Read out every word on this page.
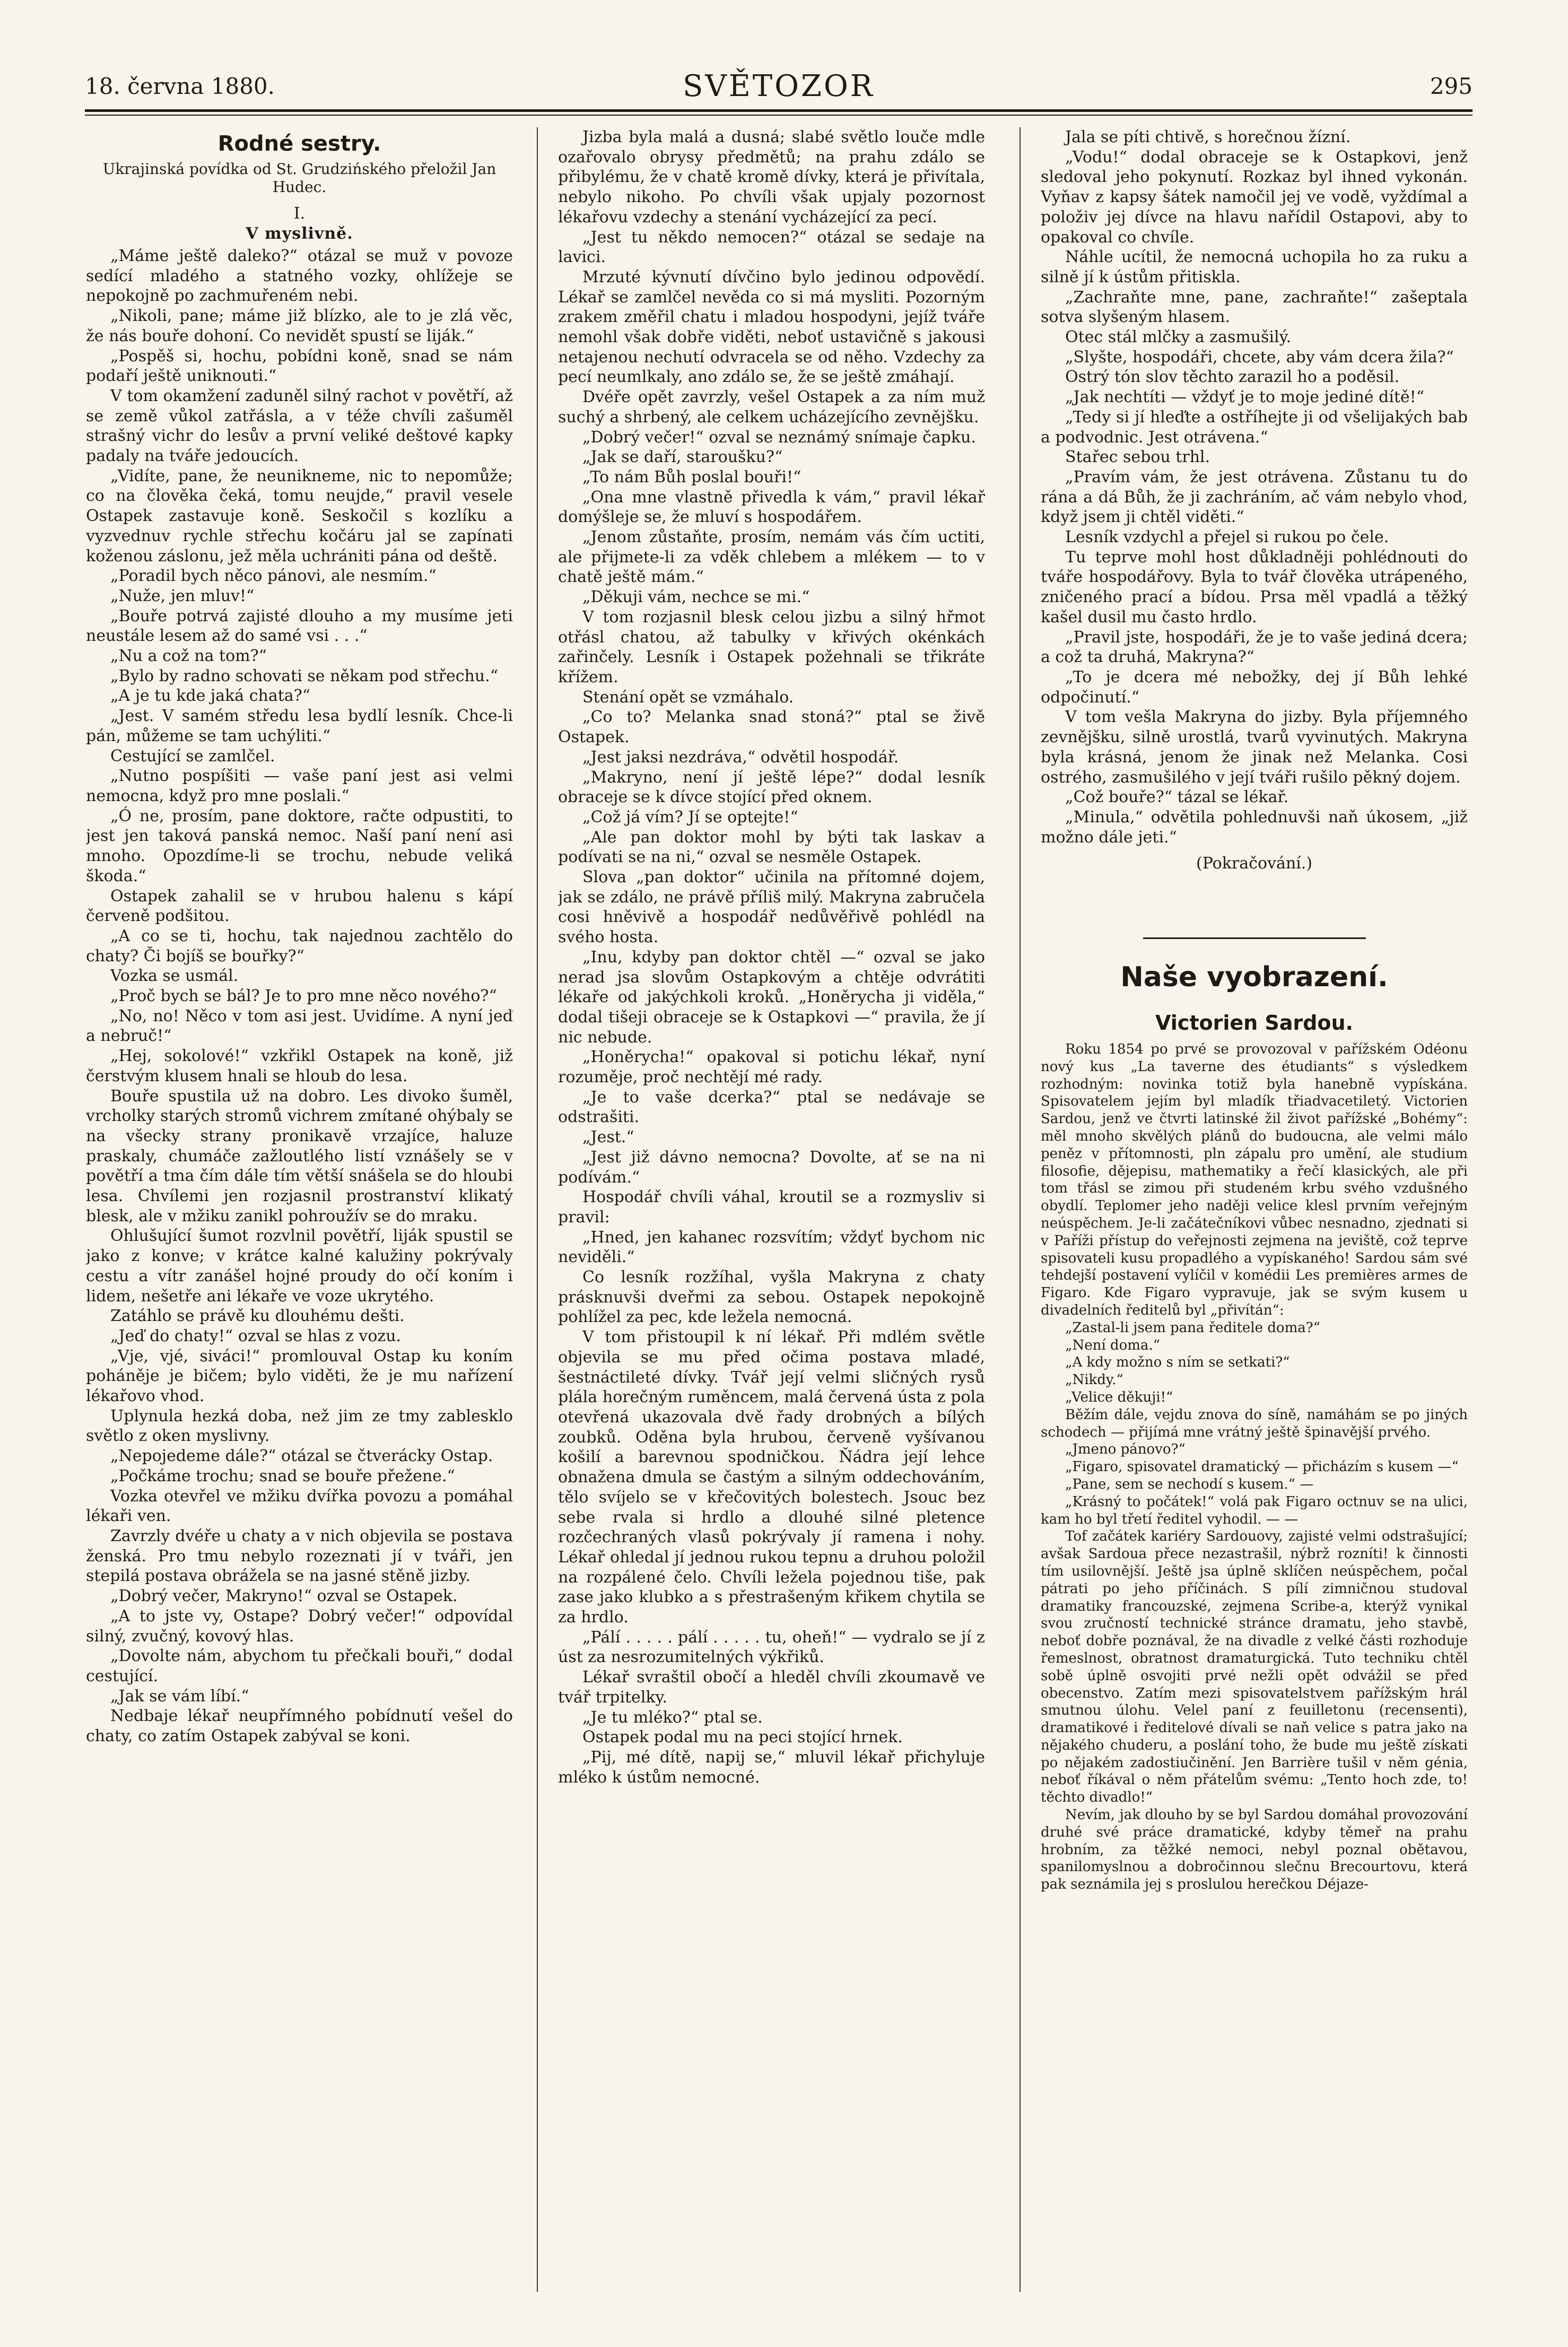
18. června 1880.	SVĚTOZOR	295
Rodné sestry.
Ukrajinská povídka od St. Grudzińského přeložil Jan Hudec.
I.
V myslivně.

„Máme ještě daleko?“ otázal se muž v povoze sedící mladého a statného vozky, ohlížeje se nepokojně po zachmuřeném nebi.

„Nikoli, pane; máme již blízko, ale to je zlá věc, že nás bouře dohoní. Co nevidět spustí se liják.“

„Pospěš si, hochu, pobídni koně, snad se nám podaří ještě uniknouti.“

V tom okamžení zaduněl silný rachot v povětří, až se země vůkol zatřásla, a v téže chvíli zašuměl strašný vichr do lesův a první veliké deštové kapky padaly na tváře jedoucích.

„Vidíte, pane, že neunikneme, nic to nepomůže; co na člověka čeká, tomu neujde,“ pravil vesele Ostapek zastavuje koně. Seskočil s kozlíku a vyzvednuv rychle střechu kočáru jal se zapínati koženou záslonu, jež měla uchrániti pána od deště.

„Poradil bych něco pánovi, ale nesmím.“

„Nuže, jen mluv!“

„Bouře potrvá zajisté dlouho a my musíme jeti neustále lesem až do samé vsi . . .“

„Nu a což na tom?“

„Bylo by radno schovati se někam pod střechu.“

„A je tu kde jaká chata?“

„Jest. V samém středu lesa bydlí lesník. Chce-li pán, můžeme se tam uchýliti.“

Cestující se zamlčel.

„Nutno pospíšiti — vaše paní jest asi velmi nemocna, když pro mne poslali.“

„Ó ne, prosím, pane doktore, račte odpustiti, to jest jen taková panská nemoc. Naší paní není asi mnoho. Opozdíme-li se trochu, nebude veliká škoda.“

Ostapek zahalil se v hrubou halenu s kápí červeně podšitou.

„A co se ti, hochu, tak najednou zachtělo do chaty? Či bojíš se bouřky?“

Vozka se usmál.

„Proč bych se bál? Je to pro mne něco nového?“

„No, no! Něco v tom asi jest. Uvidíme. A nyní jeď a nebruč!“

„Hej, sokolové!“ vzkřikl Ostapek na koně, již čerstvým klusem hnali se hloub do lesa.

Bouře spustila už na dobro. Les divoko šuměl, vrcholky starých stromů vichrem zmítané ohýbaly se na všecky strany pronikavě vrzajíce, haluze praskaly, chumáče zažloutlého listí vznášely se v povětří a tma čím dále tím větší snášela se do hloubi lesa. Chvílemi jen rozjasnil prostranství klikatý blesk, ale v mžiku zanikl pohroužív se do mraku.

Ohlušující šumot rozvlnil povětří, liják spustil se jako z konve; v krátce kalné kalužiny pokrývaly cestu a vítr zanášel hojné proudy do očí koním i lidem, nešetře ani lékaře ve voze ukrytého.

Zatáhlo se právě ku dlouhému dešti.

„Jeď do chaty!“ ozval se hlas z vozu.

„Vje, vjé, siváci!“ promlouval Ostap ku koním poháněje je bičem; bylo viděti, že je mu nařízení lékařovo vhod.

Uplynula hezká doba, než jim ze tmy zablesklo světlo z oken myslivny.

„Nepojedeme dále?“ otázal se čtverácky Ostap.

„Počkáme trochu; snad se bouře přežene.“

Vozka otevřel ve mžiku dvířka povozu a pomáhal lékaři ven.

Zavrzly dvéře u chaty a v nich objevila se postava ženská. Pro tmu nebylo rozeznati jí v tváři, jen stepilá postava obrážela se na jasné stěně jizby.

„Dobrý večer, Makryno!“ ozval se Ostapek.

„A to jste vy, Ostape? Dobrý večer!“ odpovídal silný, zvučný, kovový hlas.

„Dovolte nám, abychom tu přečkali bouři,“ dodal cestující.

„Jak se vám líbí.“

Nedbaje lékař neupřímného pobídnutí vešel do chaty, co zatím Ostapek zabýval se koni.

Jizba byla malá a dusná; slabé světlo louče mdle ozařovalo obrysy předmětů; na prahu zdálo se přibylému, že v chatě kromě dívky, která je přivítala, nebylo nikoho. Po chvíli však upjaly pozornost lékařovu vzdechy a stenání vycházející za pecí.

„Jest tu někdo nemocen?“ otázal se sedaje na lavici.

Mrzuté kývnutí dívčino bylo jedinou odpovědí. Lékař se zamlčel nevěda co si má mysliti. Pozorným zrakem změřil chatu i mladou hospodyni, jejíž tváře nemohl však dobře viděti, neboť ustavičně s jakousi netajenou nechutí odvracela se od něho. Vzdechy za pecí neumlkaly, ano zdálo se, že se ještě zmáhají.

Dvéře opět zavrzly, vešel Ostapek a za ním muž suchý a shrbený, ale celkem ucházejícího zevnějšku.

„Dobrý večer!“ ozval se neznámý snímaje čapku.

„Jak se daří, staroušku?“

„To nám Bůh poslal bouři!“

„Ona mne vlastně přivedla k vám,“ pravil lékař domýšleje se, že mluví s hospodářem.

„Jenom zůstaňte, prosím, nemám vás čím uctiti, ale přijmete-li za vděk chlebem a mlékem — to v chatě ještě mám.“

„Děkuji vám, nechce se mi.“

V tom rozjasnil blesk celou jizbu a silný hřmot otřásl chatou, až tabulky v křivých okénkách zařinčely. Lesník i Ostapek požehnali se třikráte křížem.

Stenání opět se vzmáhalo.

„Co to? Melanka snad stoná?“ ptal se živě Ostapek.

„Jest jaksi nezdráva,“ odvětil hospodář.

„Makryno, není jí ještě lépe?“ dodal lesník obraceje se k dívce stojící před oknem.

„Což já vím? Jí se optejte!“

„Ale pan doktor mohl by býti tak laskav a podívati se na ni,“ ozval se nesměle Ostapek.

Slova „pan doktor“ učinila na přítomné dojem, jak se zdálo, ne právě příliš milý. Makryna zabručela cosi hněvivě a hospodář nedůvěřivě pohlédl na svého hosta.

„Inu, kdyby pan doktor chtěl —“ ozval se jako nerad jsa slovům Ostapkovým a chtěje odvrátiti lékaře od jakýchkoli kroků. „Honěrycha ji viděla,“ dodal tišeji obraceje se k Ostapkovi —“ pravila, že jí nic nebude.

„Honěrycha!“ opakoval si potichu lékař, nyní rozuměje, proč nechtějí mé rady.

„Je to vaše dcerka?“ ptal se nedávaje se odstrašiti.

„Jest.“

„Jest již dávno nemocna? Dovolte, ať se na ni podívám.“

Hospodář chvíli váhal, kroutil se a rozmysliv si pravil:

„Hned, jen kahanec rozsvítím; vždyť bychom nic neviděli.“

Co lesník rozžíhal, vyšla Makryna z chaty prásknuvši dveřmi za sebou. Ostapek nepokojně pohlížel za pec, kde ležela nemocná.

V tom přistoupil k ní lékař. Při mdlém světle objevila se mu před očima postava mladé, šestnáctileté dívky. Tvář její velmi sličných rysů plála horečným ruměncem, malá červená ústa z pola otevřená ukazovala dvě řady drobných a bílých zoubků. Oděna byla hrubou, červeně vyšívanou košilí a barevnou spodničkou. Ňádra její lehce obnažena dmula se častým a silným oddechováním, tělo svíjelo se v křečovitých bolestech. Jsouc bez sebe rvala si hrdlo a dlouhé silné pletence rozčechraných vlasů pokrývaly jí ramena i nohy. Lékař ohledal jí jednou rukou tepnu a druhou položil na rozpálené čelo. Chvíli ležela pojednou tiše, pak zase jako klubko a s přestrašeným křikem chytila se za hrdlo.

„Pálí . . . . . pálí . . . . . tu, oheň!“ — vydralo se jí z úst za nesrozumitelných výkřiků.

Lékař svraštil obočí a hleděl chvíli zkoumavě ve tvář trpitelky.

„Je tu mléko?“ ptal se.

Ostapek podal mu na peci stojící hrnek.

„Pij, mé dítě, napij se,“ mluvil lékař přichyluje mléko k ústům nemocné.

Jala se píti chtivě, s horečnou žízní.

„Vodu!“ dodal obraceje se k Ostapkovi, jenž sledoval jeho pokynutí. Rozkaz byl ihned vykonán. Vyňav z kapsy šátek namočil jej ve vodě, vyždímal a položiv jej dívce na hlavu nařídil Ostapovi, aby to opakoval co chvíle.

Náhle ucítil, že nemocná uchopila ho za ruku a silně jí k ústům přitiskla.

„Zachraňte mne, pane, zachraňte!“ zašeptala sotva slyšeným hlasem.

Otec stál mlčky a zasmušilý.

„Slyšte, hospodáři, chcete, aby vám dcera žila?“

Ostrý tón slov těchto zarazil ho a poděsil.

„Jak nechtíti — vždyť je to moje jediné dítě!“

„Tedy si jí hleďte a ostříhejte ji od všelijakých bab a podvodnic. Jest otrávena.“

Stařec sebou trhl.

„Pravím vám, že jest otrávena. Zůstanu tu do rána a dá Bůh, že ji zachráním, ač vám nebylo vhod, když jsem ji chtěl viděti.“

Lesník vzdychl a přejel si rukou po čele.

Tu teprve mohl host důkladněji pohlédnouti do tváře hospodářovy. Byla to tvář člověka utrápeného, zničeného prací a bídou. Prsa měl vpadlá a těžký kašel dusil mu často hrdlo.

„Pravil jste, hospodáři, že je to vaše jediná dcera; a což ta druhá, Makryna?“

„To je dcera mé nebožky, dej jí Bůh lehké odpočinutí.“

V tom vešla Makryna do jizby. Byla příjemného zevnějšku, silně urostlá, tvarů vyvinutých. Makryna byla krásná, jenom že jinak než Melanka. Cosi ostrého, zasmušilého v její tváři rušilo pěkný dojem.

„Což bouře?“ tázal se lékař.

„Minula,“ odvětila pohlednuvši naň úkosem, „již možno dále jeti.“

(Pokračování.)
Naše vyobrazení.
Victorien Sardou.

Roku 1854 po prvé se provozoval v pařížském Odéonu nový kus „La taverne des étudiants“ s výsledkem rozhodným: novinka totiž byla hanebně vypískána. Spisovatelem jejím byl mladík třiadvacetiletý. Victorien Sardou, jenž ve čtvrti latinské žil život pařížské „Bohémy“: měl mnoho skvělých plánů do budoucna, ale velmi málo peněz v přítomnosti, pln zápalu pro umění, ale studium filosofie, dějepisu, mathematiky a řečí klasických, ale při tom třásl se zimou při studeném krbu svého vzdušného obydlí. Teplomer jeho naději velice klesl prvním veřejným neúspěchem. Je-li začátečníkovi vůbec nesnadno, zjednati si v Paříži přístup do veřejnosti zejmena na jeviště, což teprve spisovateli kusu propadlého a vypískaného! Sardou sám své tehdejší postavení vylíčil v komédii Les premières armes de Figaro. Kde Figaro vypravuje, jak se svým kusem u divadelních ředitelů byl „přivítán“:

„Zastal-li jsem pana ředitele doma?“

„Není doma.“

„A kdy možno s ním se setkati?“

„Nikdy.“

„Velice děkuji!“

Běžím dále, vejdu znova do síně, namáhám se po jiných schodech — přijímá mne vrátný ještě špinavější prvého.

„Jmeno pánovo?“

„Figaro, spisovatel dramatický — přicházím s kusem —“

„Pane, sem se nechodí s kusem.“ —

„Krásný to počátek!“ volá pak Figaro octnuv se na ulici, kam ho byl třetí ředitel vyhodil. — —

Tof začátek kariéry Sardouovy, zajisté velmi odstrašující; avšak Sardoua přece nezastrašil, nýbrž rozníti! k činnosti tím usilovnější. Ještě jsa úplně sklíčen neúspěchem, počal pátrati po jeho příčinách. S pílí zimničnou studoval dramatiky francouzské, zejmena Scribe-a, kterýž vynikal svou zručností technické stránce dramatu, jeho stavbě, neboť dobře poznával, že na divadle z velké části rozhoduje řemeslnost, obratnost dramaturgická. Tuto techniku chtěl sobě úplně osvojiti prvé nežli opět odvážil se před obecenstvo. Zatím mezi spisovatelstvem pařížským hrál smutnou úlohu. Velel paní z feuilletonu (recensenti), dramatikové i ředitelové dívali se naň velice s patra jako na nějakého chuderu, a poslání toho, že bude mu ještě získati po nějakém zadostiučinění. Jen Barrière tušil v něm génia, neboť říkával o něm přátelům svému: „Tento hoch zde, to! těchto divadlo!“

Nevím, jak dlouho by se byl Sardou domáhal provozování druhé své práce dramatické, kdyby těmeř na prahu hrobním, za těžké nemoci, nebyl poznal obětavou, spanilomyslnou a dobročinnou slečnu Brecourtovu, která pak seznámila jej s proslulou herečkou Déjaze-
